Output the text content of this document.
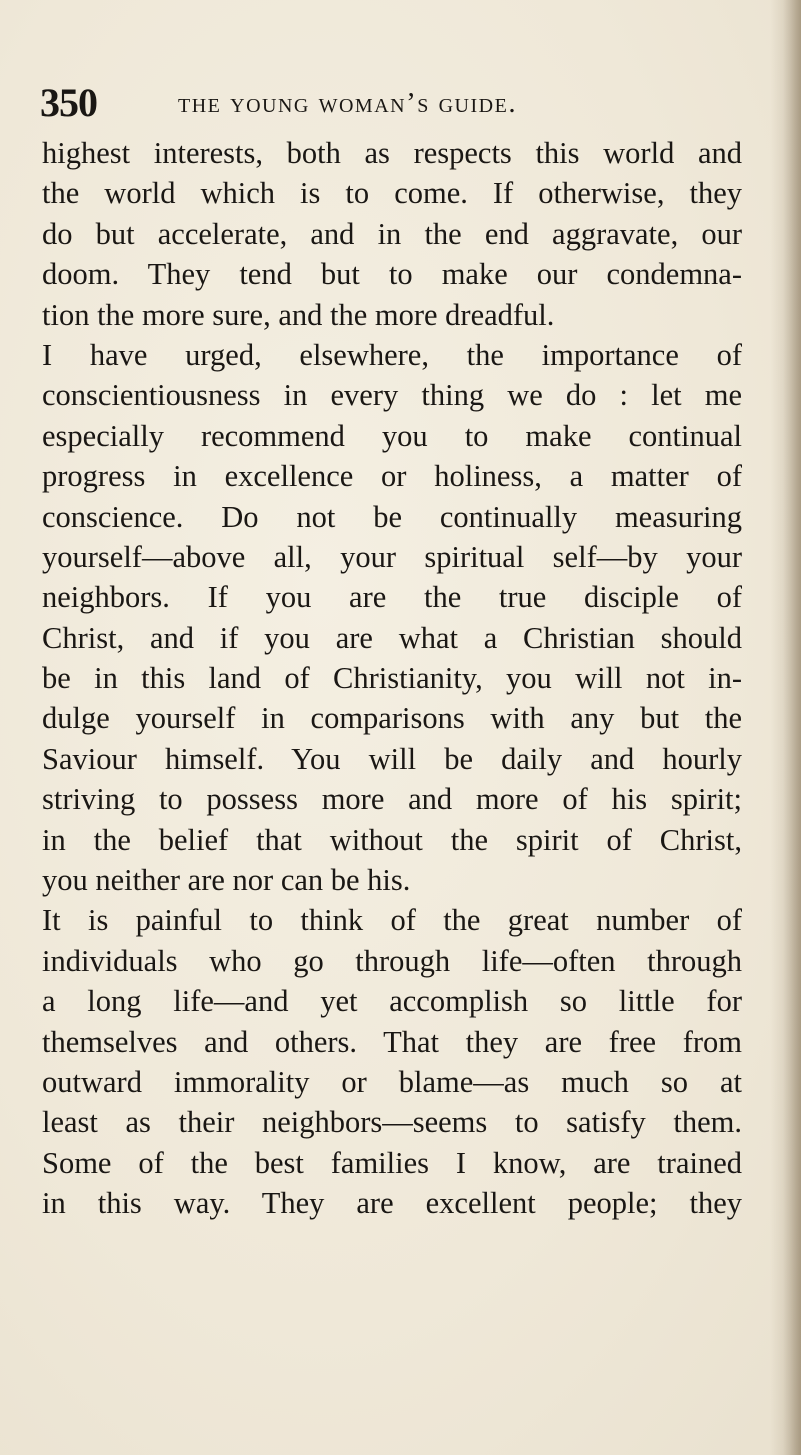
350	the young woman’s guide.
highest interests, both as respects this world and
the world which is to come. If otherwise, they
do but accelerate, and in the end aggravate, our
doom. They tend but to make our condemna-
tion the more sure, and the more dreadful.
I have urged, elsewhere, the importance of
conscientiousness in every thing we do : let me
especially recommend you to make continual
progress in excellence or holiness, a matter of
conscience. Do not be continually measuring
yourself—above all, your spiritual self—by your
neighbors. If you are the true disciple of
Christ, and if you are what a Christian should
be in this land of Christianity, you will not in-
dulge yourself in comparisons with any but the
Saviour himself. You will be daily and hourly
striving to possess more and more of his spirit;
in the belief that without the spirit of Christ,
you neither are nor can be his.
It is painful to think of the great number of
individuals who go through life—often through
a long life—and yet accomplish so little for
themselves and others. That they are free from
outward immorality or blame—as much so at
least as their neighbors—seems to satisfy them.
Some of the best families I know, are trained
in this way. They are excellent people; they
